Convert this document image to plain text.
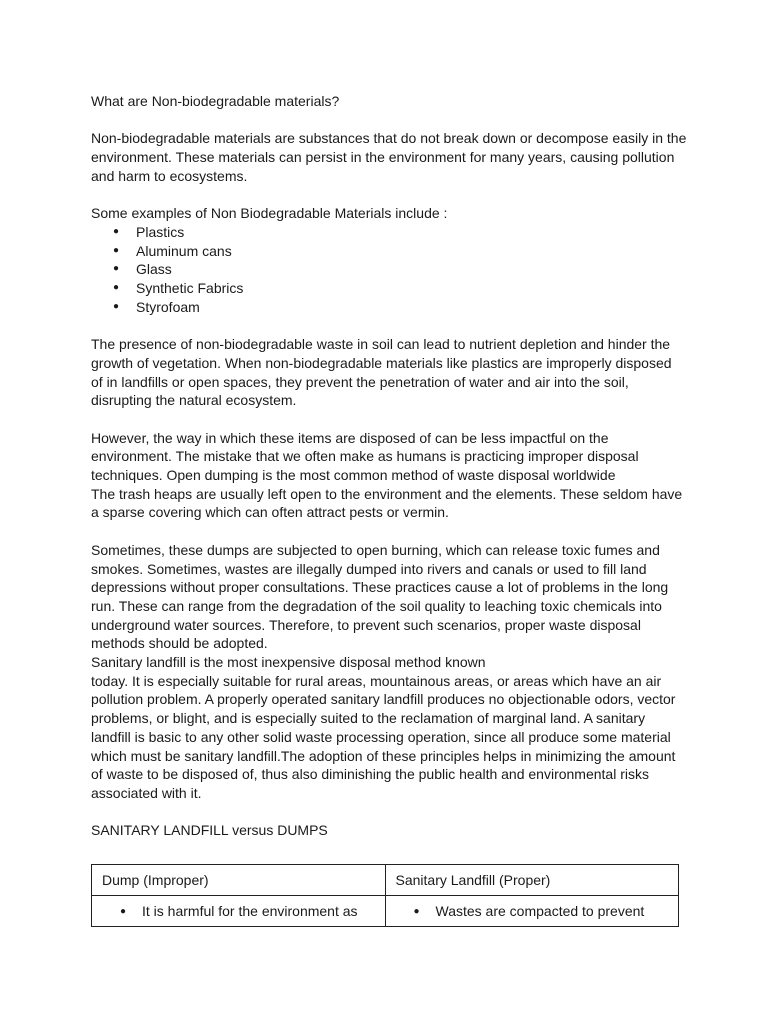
What are Non-biodegradable materials?

Non-biodegradable materials are substances that do not break down or decompose easily in the environment. These materials can persist in the environment for many years, causing pollution and harm to ecosystems.

Some examples of Non Biodegradable Materials include :

● Plastics
● Aluminum cans
● Glass
● Synthetic Fabrics
● Styrofoam

The presence of non-biodegradable waste in soil can lead to nutrient depletion and hinder the growth of vegetation. When non-biodegradable materials like plastics are improperly disposed of in landfills or open spaces, they prevent the penetration of water and air into the soil, disrupting the natural ecosystem.

However, the way in which these items are disposed of can be less impactful on the environment. The mistake that we often make as humans is practicing improper disposal techniques. Open dumping is the most common method of waste disposal worldwide

The trash heaps are usually left open to the environment and the elements. These seldom have a sparse covering which can often attract pests or vermin.

Sometimes, these dumps are subjected to open burning, which can release toxic fumes and smokes. Sometimes, wastes are illegally dumped into rivers and canals or used to fill land depressions without proper consultations. These practices cause a lot of problems in the long run. These can range from the degradation of the soil quality to leaching toxic chemicals into underground water sources. Therefore, to prevent such scenarios, proper waste disposal methods should be adopted.

Sanitary landfill is the most inexpensive disposal method known

today. It is especially suitable for rural areas, mountainous areas, or areas which have an air pollution problem. A properly operated sanitary landfill produces no objectionable odors, vector problems, or blight, and is especially suited to the reclamation of marginal land. A sanitary landfill is basic to any other solid waste processing operation, since all produce some material which must be sanitary landfill.The adoption of these principles helps in minimizing the amount of waste to be disposed of, thus also diminishing the public health and environmental risks associated with it.

SANITARY LANDFILL versus DUMPS

Dump (Improper)	Sanitary Landfill (Proper)

● It is harmful for the environment as	● Wastes are compacted to prevent
